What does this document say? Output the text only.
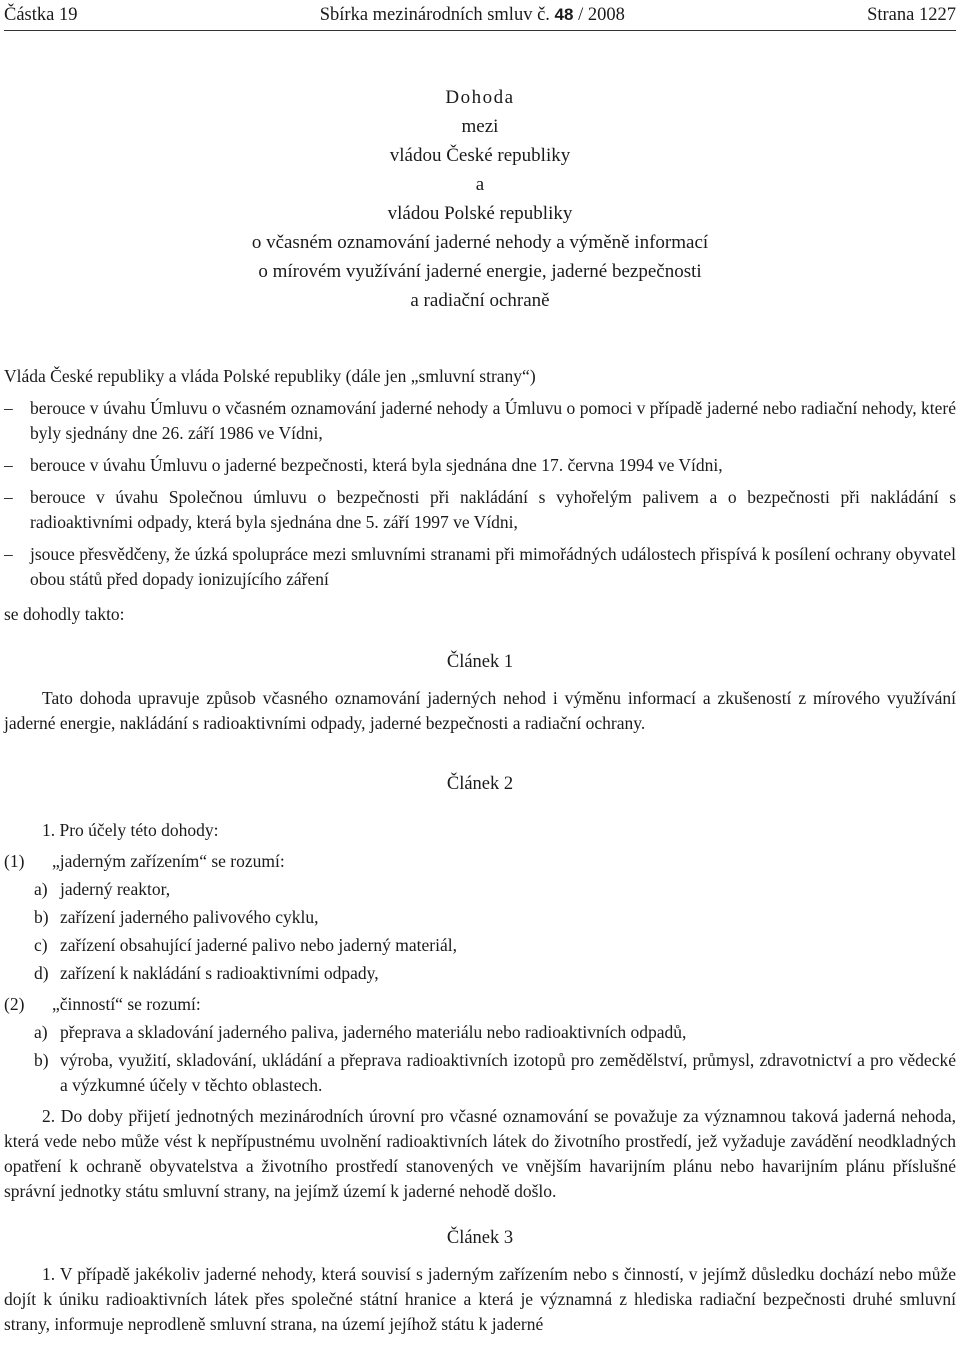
Částka 19	Sbírka mezinárodních smluv č. 48 / 2008	Strana 1227
Dohoda
mezi
vládou České republiky
a
vládou Polské republiky
o včasném oznamování jaderné nehody a výměně informací
o mírovém využívání jaderné energie, jaderné bezpečnosti
a radiační ochraně

Vláda České republiky a vláda Polské republiky (dále jen „smluvní strany“)

– berouce v úvahu Úmluvu o včasném oznamování jaderné nehody a Úmluvu o pomoci v případě jaderné nebo radiační nehody, které byly sjednány dne 26. září 1986 ve Vídni,

– berouce v úvahu Úmluvu o jaderné bezpečnosti, která byla sjednána dne 17. června 1994 ve Vídni,

– berouce v úvahu Společnou úmluvu o bezpečnosti při nakládání s vyhořelým palivem a o bezpečnosti při nakládání s radioaktivními odpady, která byla sjednána dne 5. září 1997 ve Vídni,

– jsouce přesvědčeny, že úzká spolupráce mezi smluvními stranami při mimořádných událostech přispívá k posílení ochrany obyvatel obou států před dopady ionizujícího záření

se dohodly takto:

Článek 1

Tato dohoda upravuje způsob včasného oznamování jaderných nehod i výměnu informací a zkušeností z mírového využívání jaderné energie, nakládání s radioaktivními odpady, jaderné bezpečnosti a radiační ochrany.

Článek 2

1. Pro účely této dohody:

(1)	„jaderným zařízením“ se rozumí:
a) jaderný reaktor,
b) zařízení jaderného palivového cyklu,
c) zařízení obsahující jaderné palivo nebo jaderný materiál,
d) zařízení k nakládání s radioaktivními odpady,
(2)	„činností“ se rozumí:
a) přeprava a skladování jaderného paliva, jaderného materiálu nebo radioaktivních odpadů,
b) výroba, využití, skladování, ukládání a přeprava radioaktivních izotopů pro zemědělství, průmysl, zdravotnictví a pro vědecké a výzkumné účely v těchto oblastech.

2. Do doby přijetí jednotných mezinárodních úrovní pro včasné oznamování se považuje za významnou taková jaderná nehoda, která vede nebo může vést k nepřípustnému uvolnění radioaktivních látek do životního prostředí, jež vyžaduje zavádění neodkladných opatření k ochraně obyvatelstva a životního prostředí stanovených ve vnějším havarijním plánu nebo havarijním plánu příslušné správní jednotky státu smluvní strany, na jejímž území k jaderné nehodě došlo.

Článek 3

1. V případě jakékoliv jaderné nehody, která souvisí s jaderným zařízením nebo s činností, v jejímž důsledku dochází nebo může dojít k úniku radioaktivních látek přes společné státní hranice a která je významná z hlediska radiační bezpečnosti druhé smluvní strany, informuje neprodleně smluvní strana, na území jejíhož státu k jaderné
